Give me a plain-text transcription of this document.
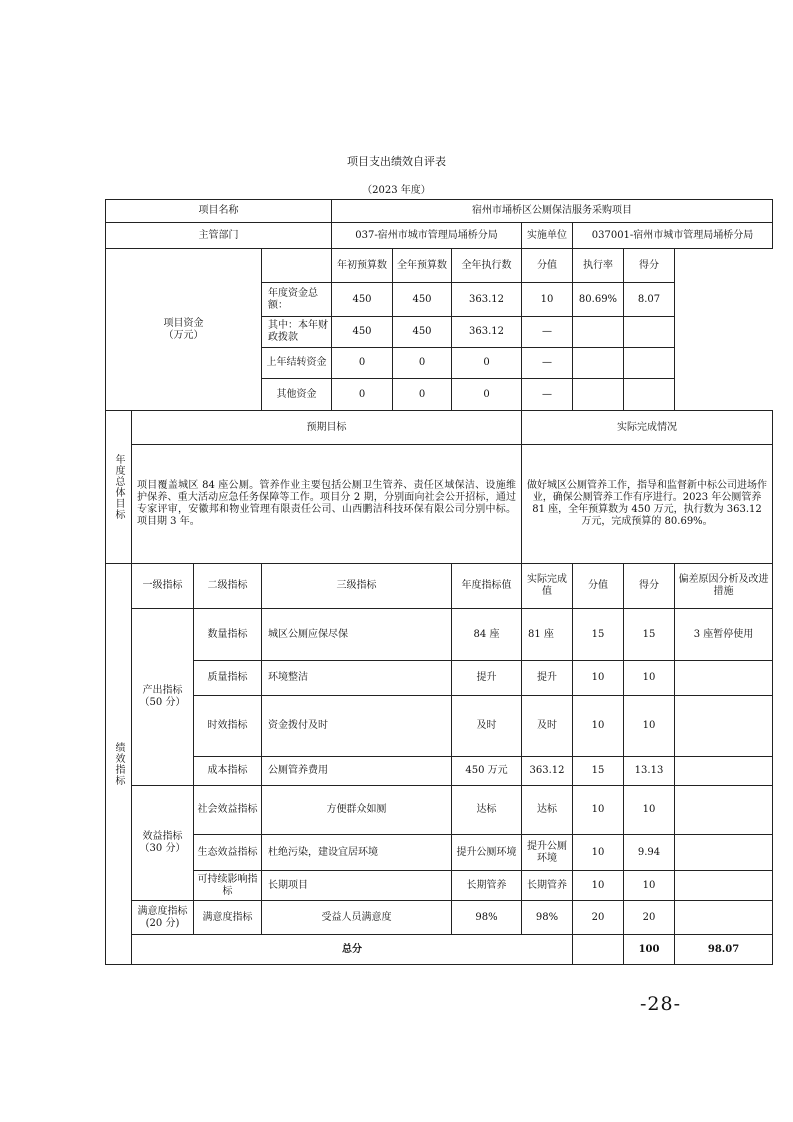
项目支出绩效自评表
（2023 年度）
项目名称				宿州市埇桥区公厕保洁服务采购项目							
主管部门				037-宿州市城市管理局埇桥分局			实施单位	037001-宿州市城市管理局埇桥分局			
项目资金
（万元）				年初预算数	全年预算数	全年执行数	分值	执行率	得分		
			年度资金总额：	450	450	363.12	10	80.69%	8.07		
			其中：本年财政拨款	450	450	363.12	—				
			上年结转资金	0	0	0	—				
			其他资金	0	0	0	—				

年度总体目标	预期目标						实际完成情况				
	项目覆盖城区 84 座公厕。管养作业主要包括公厕卫生管养、责任区域保洁、设施维护保养、重大活动应急任务保障等工作。项目分 2 期，分别面向社会公开招标，通过专家评审，安徽邦和物业管理有限责任公司、山西鹏洁科技环保有限公司分别中标。项目期 3 年。						做好城区公厕管养工作，指导和监督新中标公司进场作业，确保公厕管养工作有序进行。2023 年公厕管养 81 座，全年预算数为 450 万元，执行数为 363.12 万元，完成预算的 80.69%。				

绩效指标	一级指标	二级指标	三级指标			年度指标值	实际完成值	分值	得分	偏差原因分析及改进措施	
	产出指标
（50 分）	数量指标	城区公厕应保尽保			84 座	81 座	15	15	3 座暂停使用	
		质量指标	环境整洁			提升	提升	10	10		
		时效指标	资金拨付及时			及时	及时	10	10		
		成本指标	公厕管养费用			450 万元	363.12	15	13.13		
	效益指标
（30 分）	社会效益指标	方便群众如厕			达标	达标	10	10		
		生态效益指标	杜绝污染，建设宜居环境			提升公厕环境	提升公厕环境	10	9.94		
		可持续影响指标	长期项目			长期管养	长期管养	10	10		
	满意度指标(20 分)	满意度指标	受益人员满意度			98%	98%	20	20		
	总分								100	98.07	
-28-
